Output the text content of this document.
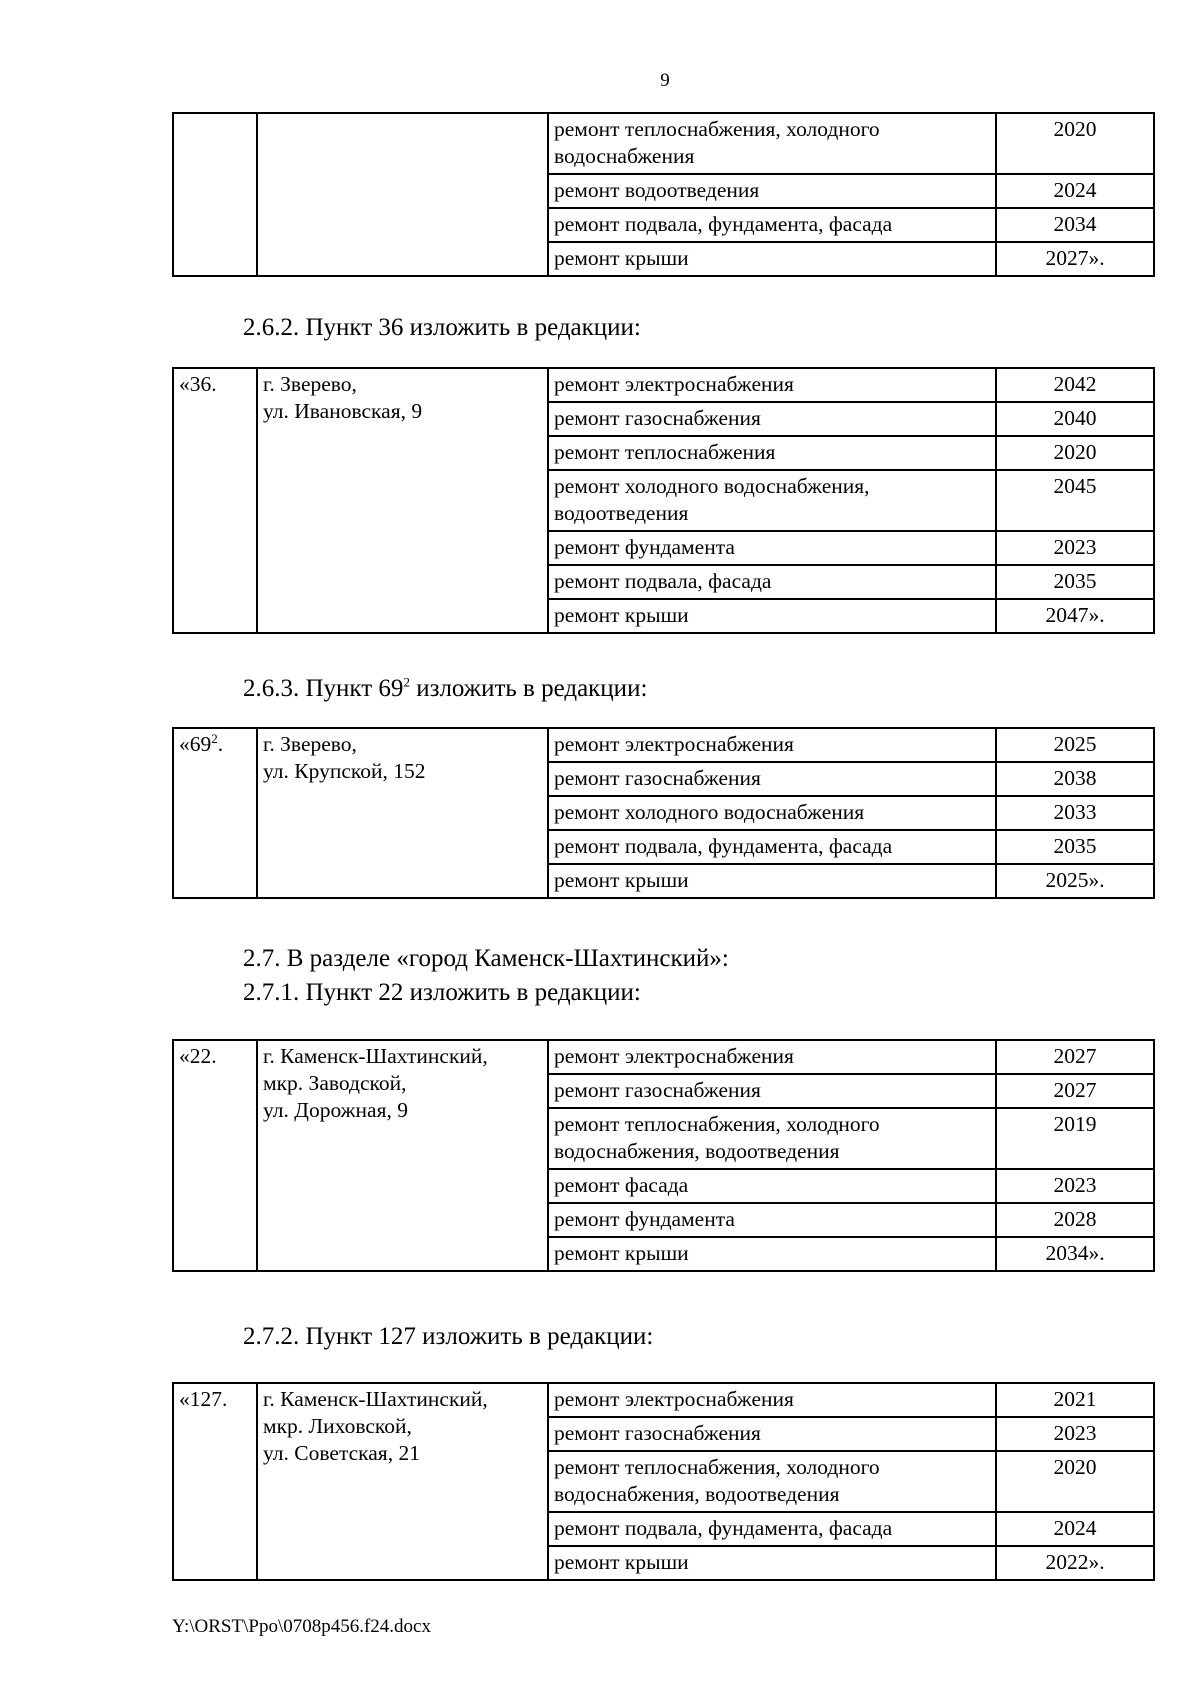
9
		ремонт теплоснабжения, холодного водоснабжения	2020
		ремонт водоотведения	2024
		ремонт подвала, фундамента, фасада	2034
		ремонт крыши	2027».
2.6.2. Пункт 36 изложить в редакции:
«36.	г. Зверево,
ул. Ивановская, 9	ремонт электроснабжения	2042
		ремонт газоснабжения	2040
		ремонт теплоснабжения	2020
		ремонт холодного водоснабжения, водоотведения	2045
		ремонт фундамента	2023
		ремонт подвала, фасада	2035
		ремонт крыши	2047».
2.6.3. Пункт $69^2$ изложить в редакции:
«$69^2$.	г. Зверево,
ул. Крупской, 152	ремонт электроснабжения	2025
		ремонт газоснабжения	2038
		ремонт холодного водоснабжения	2033
		ремонт подвала, фундамента, фасада	2035
		ремонт крыши	2025».
2.7. В разделе «город Каменск-Шахтинский»:
2.7.1. Пункт 22 изложить в редакции:
«22.	г. Каменск-Шахтинский,
мкр. Заводской,
ул. Дорожная, 9	ремонт электроснабжения	2027
		ремонт газоснабжения	2027
		ремонт теплоснабжения, холодного водоснабжения, водоотведения	2019
		ремонт фасада	2023
		ремонт фундамента	2028
		ремонт крыши	2034».
2.7.2. Пункт 127 изложить в редакции:
«127.	г. Каменск-Шахтинский,
мкр. Лиховской,
ул. Советская, 21	ремонт электроснабжения	2021
		ремонт газоснабжения	2023
		ремонт теплоснабжения, холодного водоснабжения, водоотведения	2020
		ремонт подвала, фундамента, фасада	2024
		ремонт крыши	2022».
Y:\ORST\Ppo\0708p456.f24.docx
